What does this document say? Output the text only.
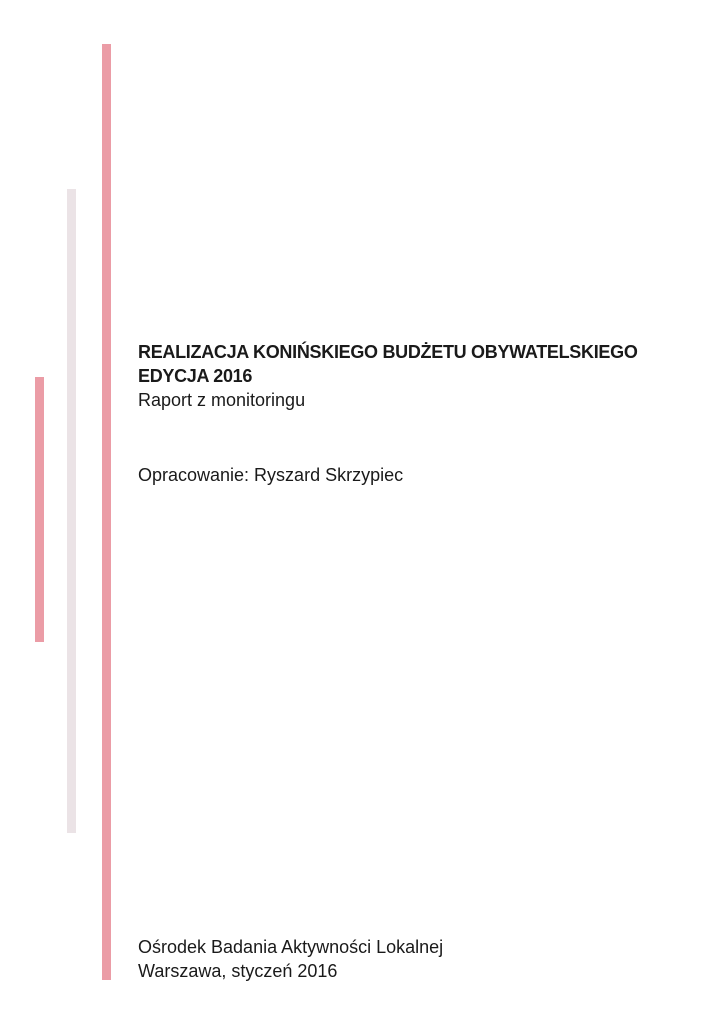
REALIZACJA KONIŃSKIEGO BUDŻETU OBYWATELSKIEGO

EDYCJA 2016

Raport z monitoringu

Opracowanie: Ryszard Skrzypiec
Ośrodek Badania Aktywności Lokalnej
Warszawa, styczeń 2016
